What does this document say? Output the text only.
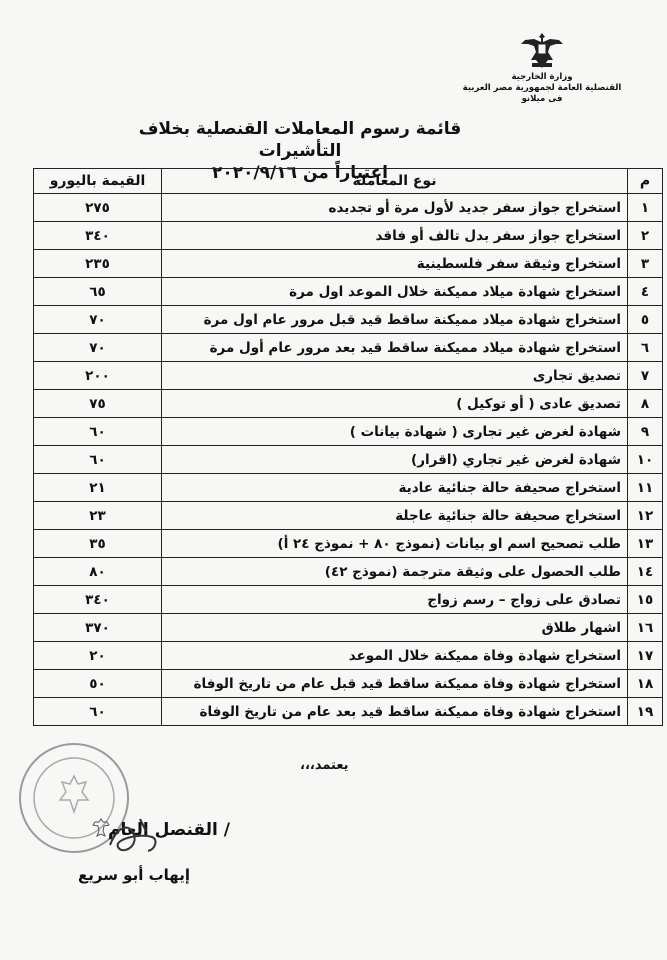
وزارة الخارجية
القنصلية العامة لجمهورية مصر العربية
فى ميلانو
قائمة رسوم المعاملات القنصلية بخلاف التأشيرات
اعتباراً من ٢٠٢٠/٩/١٦	م	نوع المعاملة	القيمة باليورو
١	استخراج جواز سفر جديد لأول مرة أو تجديده	٢٧٥
٢	استخراج جواز سفر بدل تالف أو فاقد	٣٤٠
٣	استخراج وثيقة سفر فلسطينية	٢٣٥
٤	استخراج شهادة ميلاد مميكنة خلال الموعد اول مرة	٦٥
٥	استخراج شهادة ميلاد مميكنة ساقط قيد قبل مرور عام اول مرة	٧٠
٦	استخراج شهادة ميلاد مميكنة ساقط قيد بعد مرور عام أول مرة	٧٠
٧	تصديق تجارى	٢٠٠
٨	تصديق عادى ( أو توكيل )	٧٥
٩	شهادة لغرض غير تجارى ( شهادة بيانات )	٦٠
١٠	شهادة لغرض غير تجاري (اقرار)	٦٠
١١	استخراج صحيفة حالة جنائية عادية	٢١
١٢	استخراج صحيفة حالة جنائية عاجلة	٢٣
١٣	طلب تصحيح اسم او بيانات (نموذج ٨٠ + نموذج ٢٤ أ)	٣٥
١٤	طلب الحصول على وثيقة مترجمة (نموذج ٤٢)	٨٠
١٥	تصادق على زواج – رسم زواج	٣٤٠
١٦	اشهار طلاق	٣٧٠
١٧	استخراج شهادة وفاة مميكنة خلال الموعد	٢٠
١٨	استخراج شهادة وفاة مميكنة ساقط قيد قبل عام من تاريخ الوفاة	٥٠
١٩	استخراج شهادة وفاة مميكنة ساقط قيد بعد عام من تاريخ الوفاة	٦٠
يعتمد،،،
/ القنصل العام
إيهاب أبو سريع
